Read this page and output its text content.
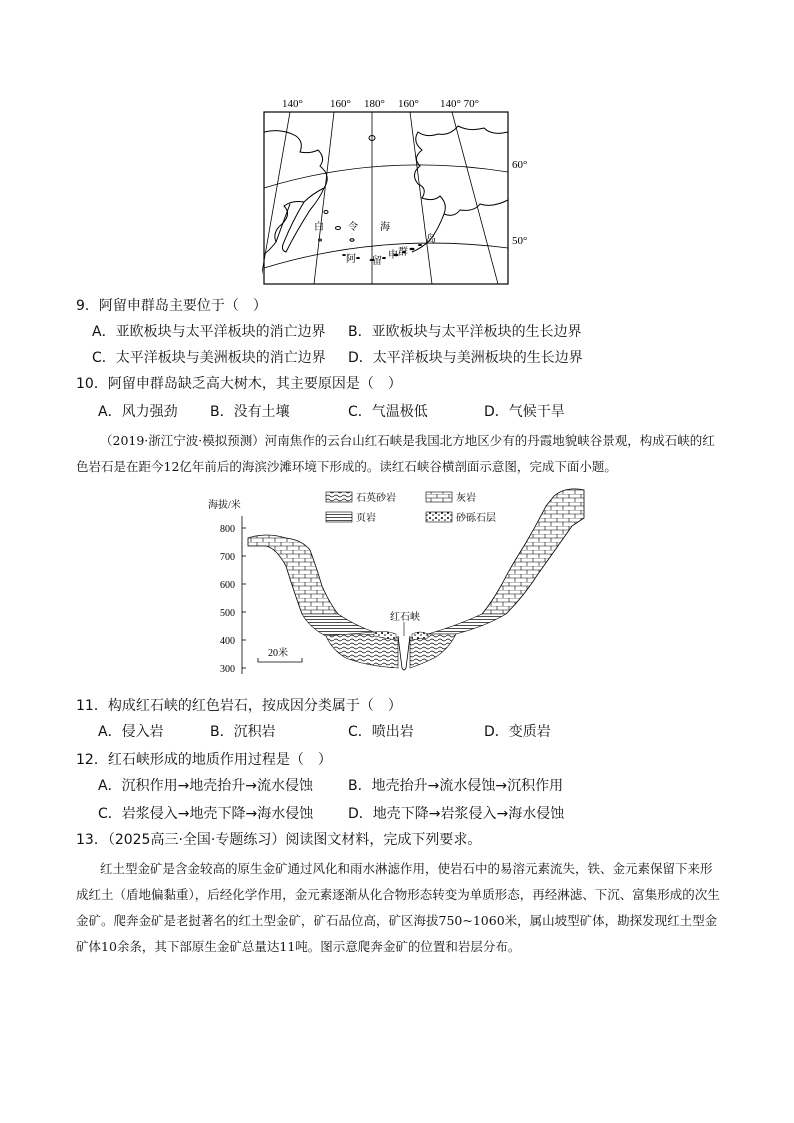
140° 160° 180° 160° 140° 70°
60°
50°
白 令 海
阿 留
申 群
岛
9．阿留申群岛主要位于（　）
A．亚欧板块与太平洋板块的消亡边界 B．亚欧板块与太平洋板块的生长边界
C．太平洋板块与美洲板块的消亡边界 D．太平洋板块与美洲板块的生长边界
10．阿留申群岛缺乏高大树木，其主要原因是（　）
A．风力强劲 B．没有土壤	C．气温极低	D．气候干旱
（2019·浙江宁波·模拟预测）河南焦作的云台山红石峡是我国北方地区少有的丹霞地貌峡谷景观，构成石峡的红色岩石是在距今12亿年前后的海滨沙滩环境下形成的。读红石峡谷横剖面示意图，完成下面小题。
海拔/米
800
700
600
500
400
300
石英砂岩	灰岩
页岩	砂砾石层
红石峡
20米
11．构成红石峡的红色岩石，按成因分类属于（　）
A．侵入岩	B．沉积岩	C．喷出岩	D．变质岩
12．红石峡形成的地质作用过程是（　）
A．沉积作用→地壳抬升→流水侵蚀 B．地壳抬升→流水侵蚀→沉积作用
C．岩浆侵入→地壳下降→海水侵蚀 D．地壳下降→岩浆侵入→海水侵蚀
13．（2025高三·全国·专题练习）阅读图文材料，完成下列要求。
红土型金矿是含金较高的原生金矿通过风化和雨水淋滤作用，使岩石中的易溶元素流失，铁、金元素保留下来形成红土（盾地偏黏重），后经化学作用，金元素逐渐从化合物形态转变为单质形态，再经淋滤、下沉、富集形成的次生金矿。爬奔金矿是老挝著名的红土型金矿，矿石品位高，矿区海拔750~1060米，属山坡型矿体，勘探发现红土型金矿体10余条，其下部原生金矿总量达11吨。图示意爬奔金矿的位置和岩层分布。
